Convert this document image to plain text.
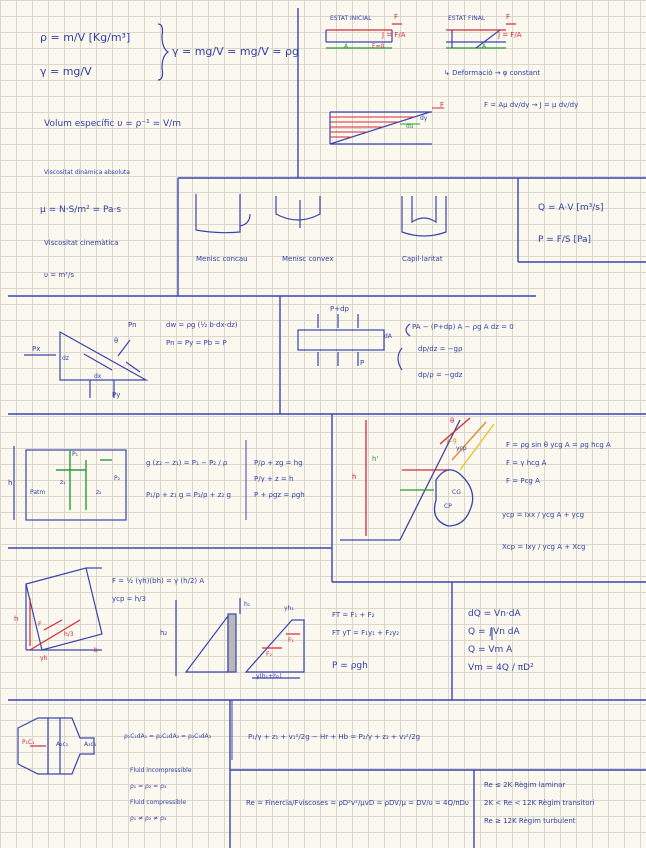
ρ = m/V [Kg/m³]
γ = mg/V
γ = mg/V = mg/V = ρg
Volum específic υ = ρ⁻¹ = V/m
ESTAT INICIAL	ESTAT FINAL
F	F
A	F=0	A
J = F/A	J = F/A
↳ Deformació → φ constant
F = Aμ dv/dy → J = μ dv/dy
F
dy
du
Viscositat dinàmica absoluta
μ = N·S/m² = Pa·s
Viscositat cinemàtica
υ = m²/s
Menisc concau	Menisc convex	Capil·laritat
Q = A·V [m³/s]
P = F/S [Pa]
Pn
Px
θ
dz
dx
Py
dw = ρg (½ b·dx·dz)
Pn = Py = Pb = P
P+dp
P
dA
PA − (P+dp) A − ρg A dz = 0
dp/dz = −gρ
dp/ρ = −gdz
h
Patm
P₁
P₂
z₁
z₂
g (z₂ − z₁) = P₁ − P₂ / ρ
P₁/ρ + z₁ g = P₂/ρ + z₂ g
P/ρ + zg = hg
P/γ + z = h
P + ρgz = ρgh
h
h'
θ
ycg
ycp
CG
CP
F = ρg sin θ ycg A = ρg hcg A
F = γ hcg A
F = Pcg A
ycp = Ixx / ycg A + ycg
Xcp = Ixy / ycg A + Xcg
F = ½ (γh)(bh) = γ (h/2) A
ycp = h/3
h
F
h/3
γh
b
h₁
h₂
γh₁
F₁
F₂
γ(h₁+h₂)
FT = F₁ + F₂
FT yT = F₁y₁ + F₂y₂
P = ρgh
dQ = Vn·dA
Q = ∫Vn dA
Q = Vm A
Vm = 4Q / πD²
P₁C₁	A₂c₂	A₃c₃
ρ₁C₁dA₁ = ρ₂C₂dA₂ = ρ₃C₃dA₃
Fluid incompressible
ρ₁ = ρ₂ = ρ₃
Fluid compressible
ρ₁ ≠ ρ₂ ≠ ρ₃
P₁/γ + z₁ + v₁²/2g − Hr + Hb = P₂/γ + z₂ + v₂²/2g
Re = Finercia/Fviscoses = ρD²v²/μvD = ρDV/μ = DV/υ = 4Q/πDυ
Re ≤ 2K Règim laminar
2K < Re < 12K Règim transitori
Re ≥ 12K Règim turbulent
